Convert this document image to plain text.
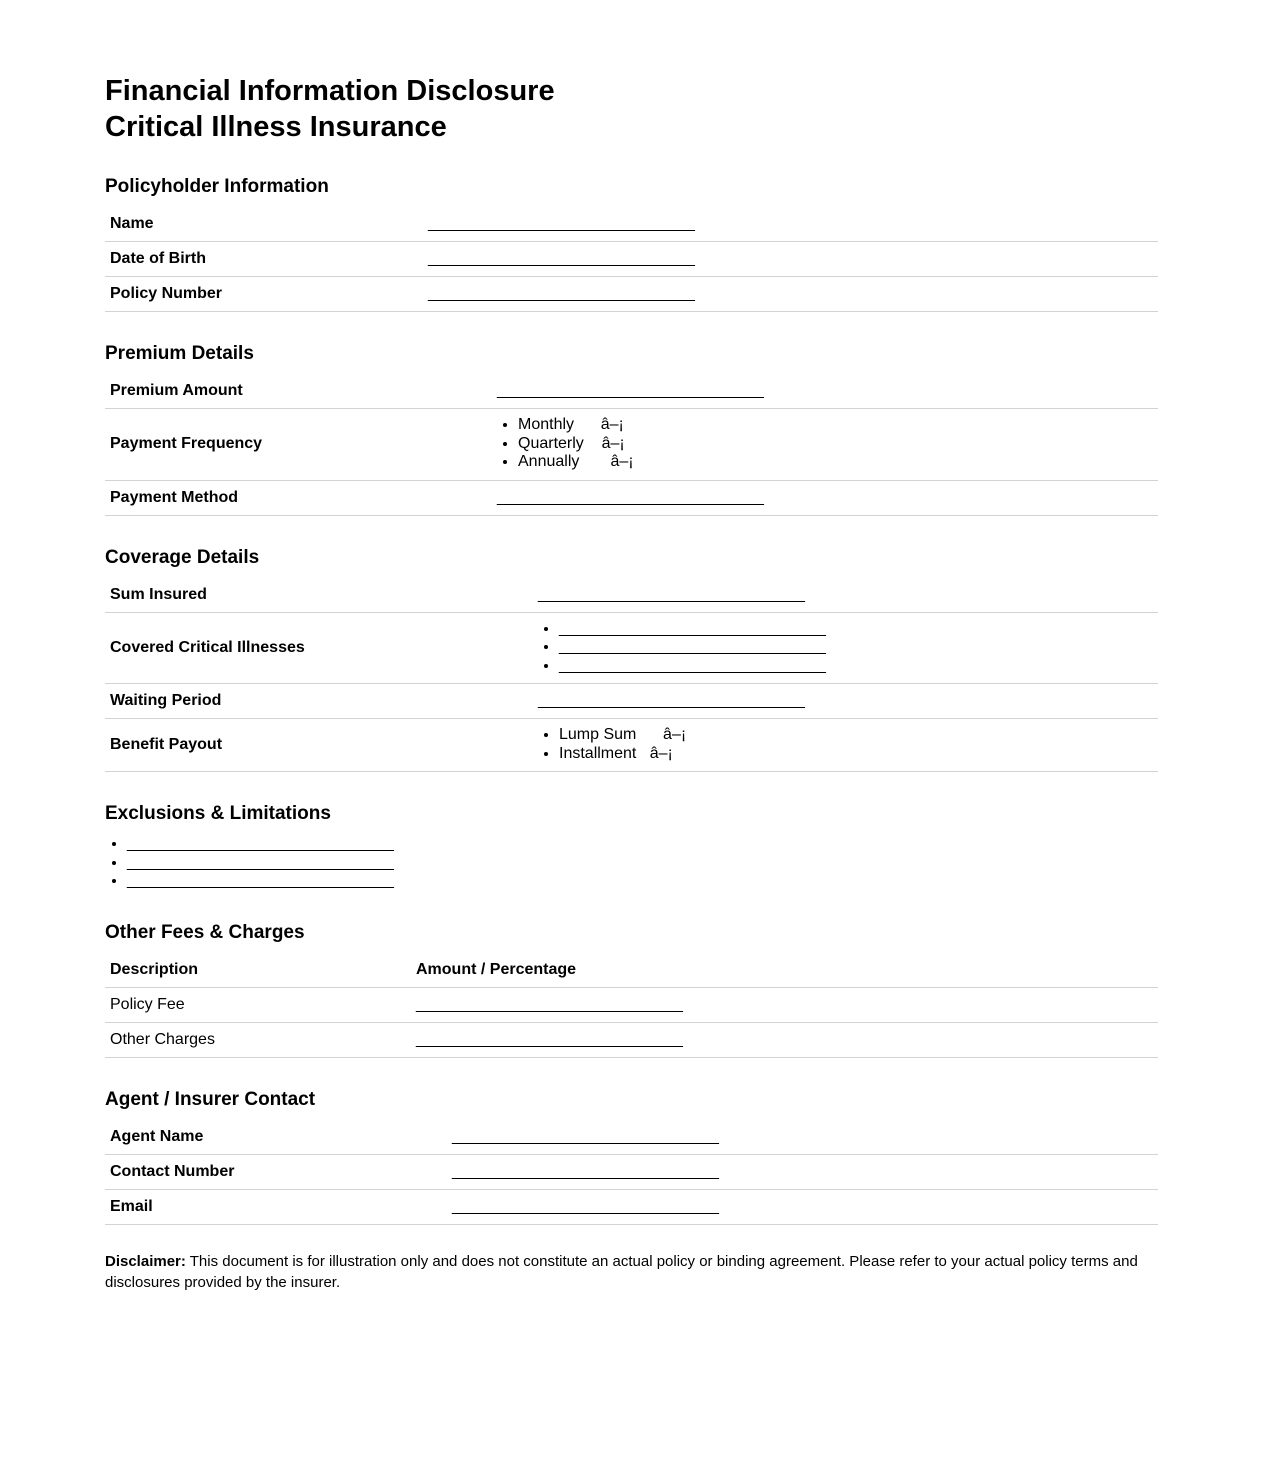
Financial Information Disclosure
Critical Illness Insurance
Policyholder Information
Name	______________________________
Date of Birth	______________________________
Policy Number	______________________________
Premium Details
Premium Amount	______________________________
Payment Frequency
• Monthly      â–¡
• Quarterly    â–¡
• Annually       â–¡
Payment Method	______________________________
Coverage Details
Sum Insured	______________________________
Covered Critical Illnesses
• ______________________________
• ______________________________
• ______________________________
Waiting Period	______________________________
Benefit Payout
• Lump Sum      â–¡
• Installment   â–¡
Exclusions & Limitations
• ______________________________
• ______________________________
• ______________________________
Other Fees & Charges
Description	Amount / Percentage
Policy Fee	______________________________
Other Charges	______________________________
Agent / Insurer Contact
Agent Name	______________________________
Contact Number	______________________________
Email	______________________________

Disclaimer: This document is for illustration only and does not constitute an actual policy or binding agreement. Please refer to your actual policy terms and disclosures provided by the insurer.
